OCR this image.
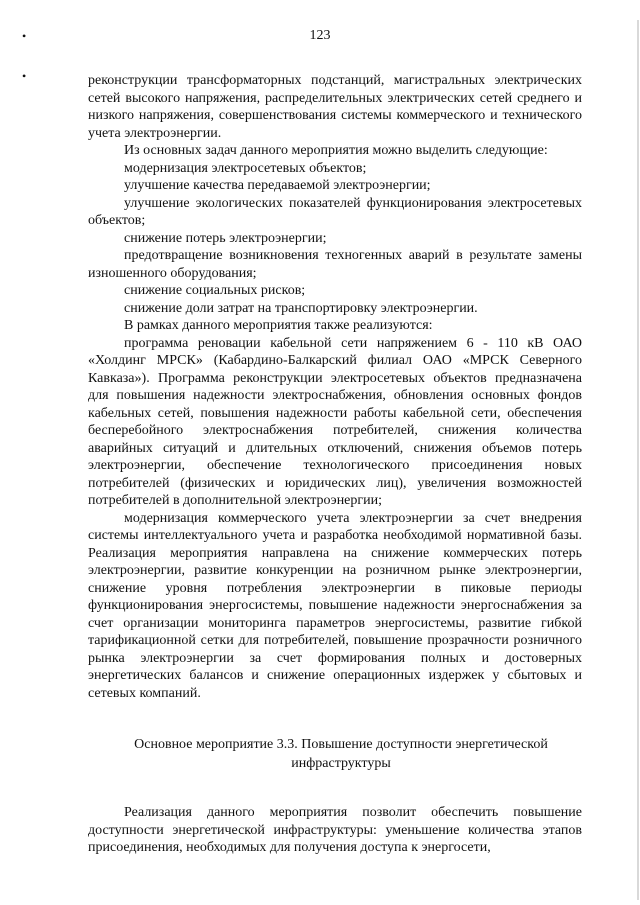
123
•
•	реконструкции трансформаторных подстанций, магистральных электрических сетей высокого напряжения, распределительных электрических сетей среднего и низкого напряжения, совершенствования системы коммерческого и технического учета электроэнергии.

Из основных задач данного мероприятия можно выделить следующие:

модернизация электросетевых объектов;

улучшение качества передаваемой электроэнергии;

улучшение экологических показателей функционирования электросетевых объектов;

снижение потерь электроэнергии;

предотвращение возникновения техногенных аварий в результате замены изношенного оборудования;

снижение социальных рисков;

снижение доли затрат на транспортировку электроэнергии.

В рамках данного мероприятия также реализуются:

программа реновации кабельной сети напряжением 6 - 110 кВ ОАО «Холдинг МРСК» (Кабардино-Балкарский филиал ОАО «МРСК Северного Кавказа»). Программа реконструкции электросетевых объектов предназначена для повышения надежности электроснабжения, обновления основных фондов кабельных сетей, повышения надежности работы кабельной сети, обеспечения бесперебойного электроснабжения потребителей, снижения количества аварийных ситуаций и длительных отключений, снижения объемов потерь электроэнергии, обеспечение технологического присоединения новых потребителей (физических и юридических лиц), увеличения возможностей потребителей в дополнительной электроэнергии;

модернизация коммерческого учета электроэнергии за счет внедрения системы интеллектуального учета и разработка необходимой нормативной базы. Реализация мероприятия направлена на снижение коммерческих потерь электроэнергии, развитие конкуренции на розничном рынке электроэнергии, снижение уровня потребления электроэнергии в пиковые периоды функционирования энергосистемы, повышение надежности энергоснабжения за счет организации мониторинга параметров энергосистемы, развитие гибкой тарификационной сетки для потребителей, повышение прозрачности розничного рынка электроэнергии за счет формирования полных и достоверных энергетических балансов и снижение операционных издержек у сбытовых и сетевых компаний.

Основное мероприятие 3.3. Повышение доступности энергетической
инфраструктуры

Реализация данного мероприятия позволит обеспечить повышение доступности энергетической инфраструктуры: уменьшение количества этапов присоединения, необходимых для получения доступа к энергосети,
